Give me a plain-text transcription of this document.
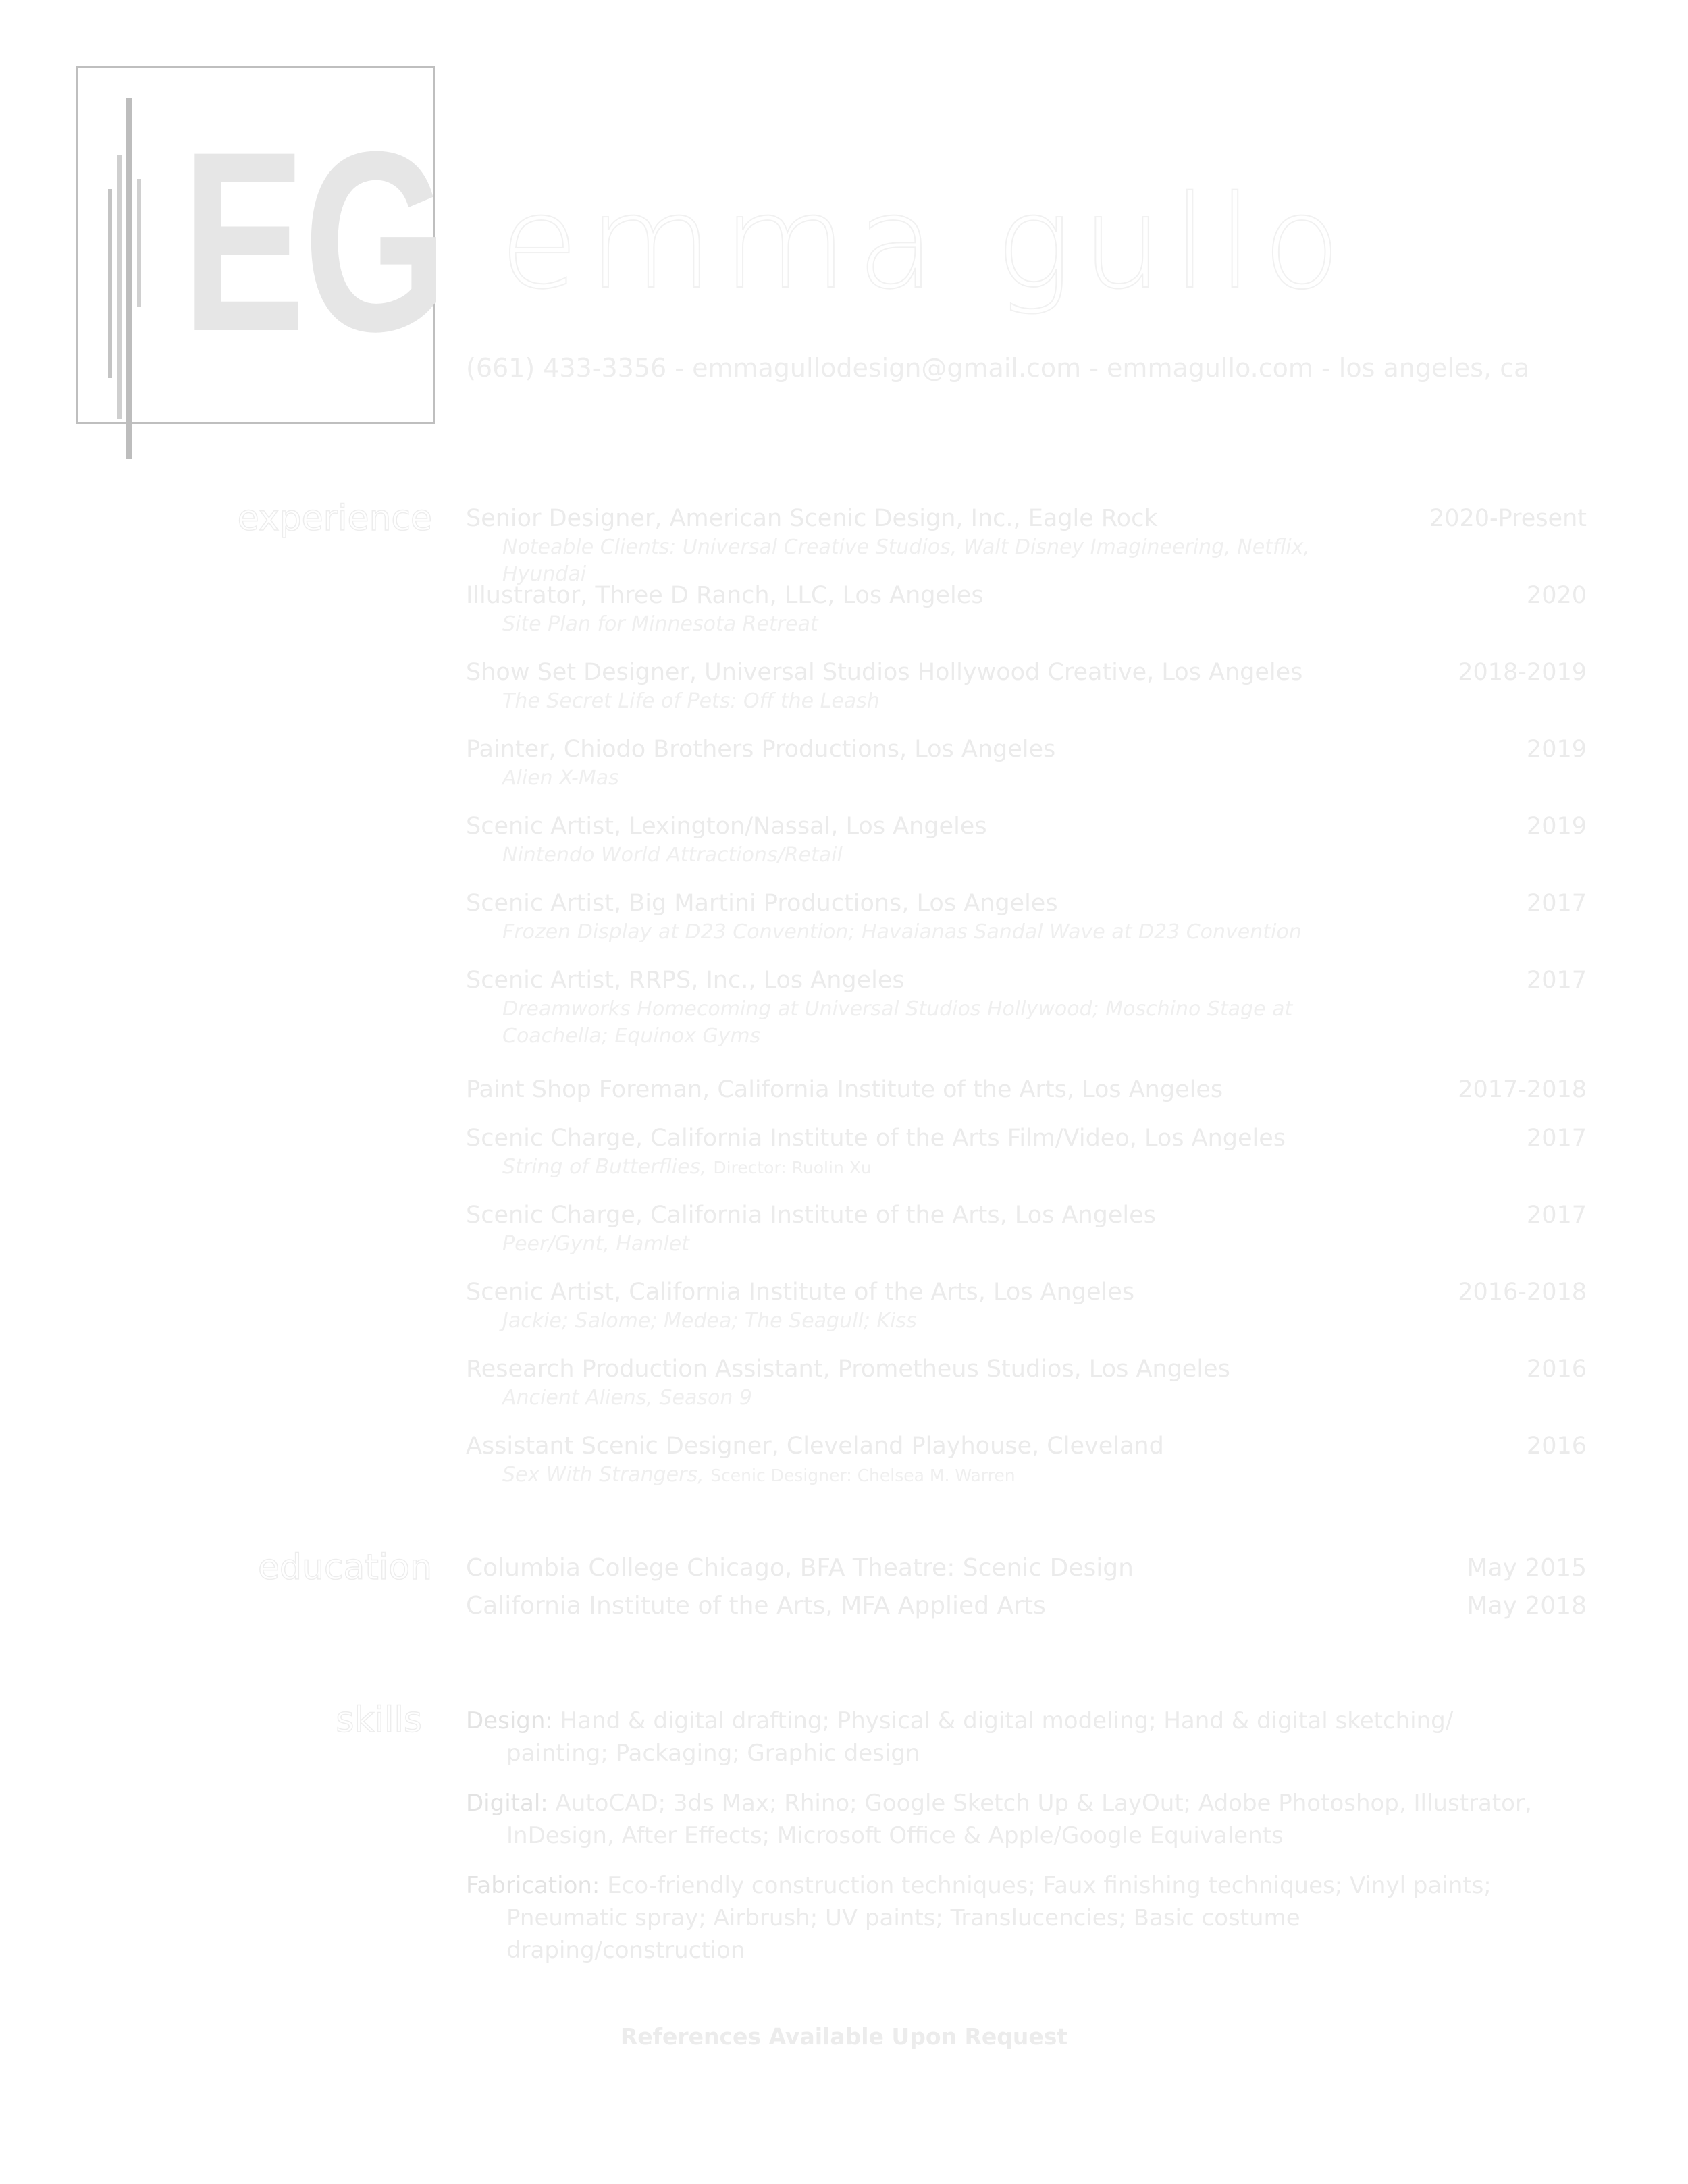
EG emma gullo
(661) 433-3356 - emmagullodesign@gmail.com - emmagullo.com - los angeles, ca
experience
education
skills
Senior Designer, American Scenic Design, Inc., Eagle Rock	2020-Present
Noteable Clients: Universal Creative Studios, Walt Disney Imagineering, Netflix, Hyundai
Illustrator, Three D Ranch, LLC, Los Angeles	2020
Site Plan for Minnesota Retreat
Show Set Designer, Universal Studios Hollywood Creative, Los Angeles	2018-2019
The Secret Life of Pets: Off the Leash
Painter, Chiodo Brothers Productions, Los Angeles	2019
Alien X-Mas
Scenic Artist, Lexington/Nassal, Los Angeles	2019
Nintendo World Attractions/Retail
Scenic Artist, Big Martini Productions, Los Angeles	2017
Frozen Display at D23 Convention; Havaianas Sandal Wave at D23 Convention
Scenic Artist, RRPS, Inc., Los Angeles	2017
Dreamworks Homecoming at Universal Studios Hollywood; Moschino Stage at Coachella; Equinox Gyms
Paint Shop Foreman, California Institute of the Arts, Los Angeles	2017-2018
Scenic Charge, California Institute of the Arts Film/Video, Los Angeles	2017
String of Butterflies, Director: Ruolin Xu
Scenic Charge, California Institute of the Arts, Los Angeles	2017
Peer/Gynt, Hamlet
Scenic Artist, California Institute of the Arts, Los Angeles	2016-2018
Jackie; Salome; Medea; The Seagull; Kiss
Research Production Assistant, Prometheus Studios, Los Angeles	2016
Ancient Aliens, Season 9
Assistant Scenic Designer, Cleveland Playhouse, Cleveland	2016
Sex With Strangers, Scenic Designer: Chelsea M. Warren
Columbia College Chicago, BFA Theatre: Scenic Design	May 2015
California Institute of the Arts, MFA Applied Arts	May 2018
Design: Hand & digital drafting; Physical & digital modeling; Hand & digital sketching/ painting; Packaging; Graphic design
Digital: AutoCAD; 3ds Max; Rhino; Google Sketch Up & LayOut; Adobe Photoshop, Illustrator, InDesign, After Effects; Microsoft Office & Apple/Google Equivalents
Fabrication: Eco-friendly construction techniques; Faux finishing techniques; Vinyl paints; Pneumatic spray; Airbrush; UV paints; Translucencies; Basic costume draping/construction
References Available Upon Request
